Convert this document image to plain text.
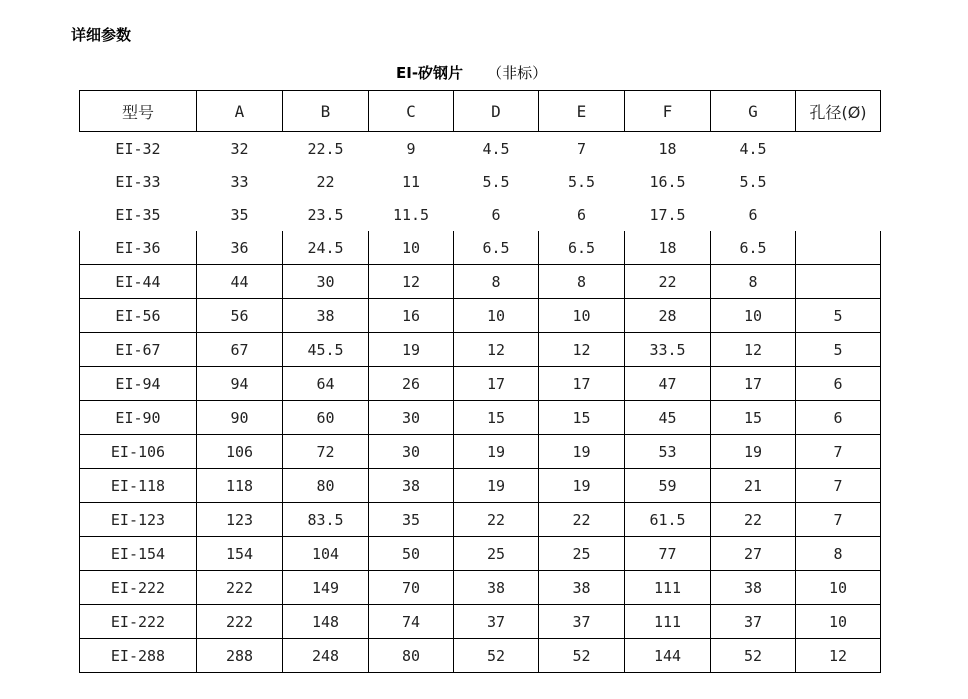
详细参数
EI-矽钢片 （非标）
型号	A	B	C	D	E	F	G	孔径(Ø)
EI-32	32	22.5	9	4.5	7	18	4.5	
EI-33	33	22	11	5.5	5.5	16.5	5.5	
EI-35	35	23.5	11.5	6	6	17.5	6	
EI-36	36	24.5	10	6.5	6.5	18	6.5	
EI-44	44	30	12	8	8	22	8	
EI-56	56	38	16	10	10	28	10	5
EI-67	67	45.5	19	12	12	33.5	12	5
EI-94	94	64	26	17	17	47	17	6
EI-90	90	60	30	15	15	45	15	6
EI-106	106	72	30	19	19	53	19	7
EI-118	118	80	38	19	19	59	21	7
EI-123	123	83.5	35	22	22	61.5	22	7
EI-154	154	104	50	25	25	77	27	8
EI-222	222	149	70	38	38	111	38	10
EI-222	222	148	74	37	37	111	37	10
EI-288	288	248	80	52	52	144	52	12
